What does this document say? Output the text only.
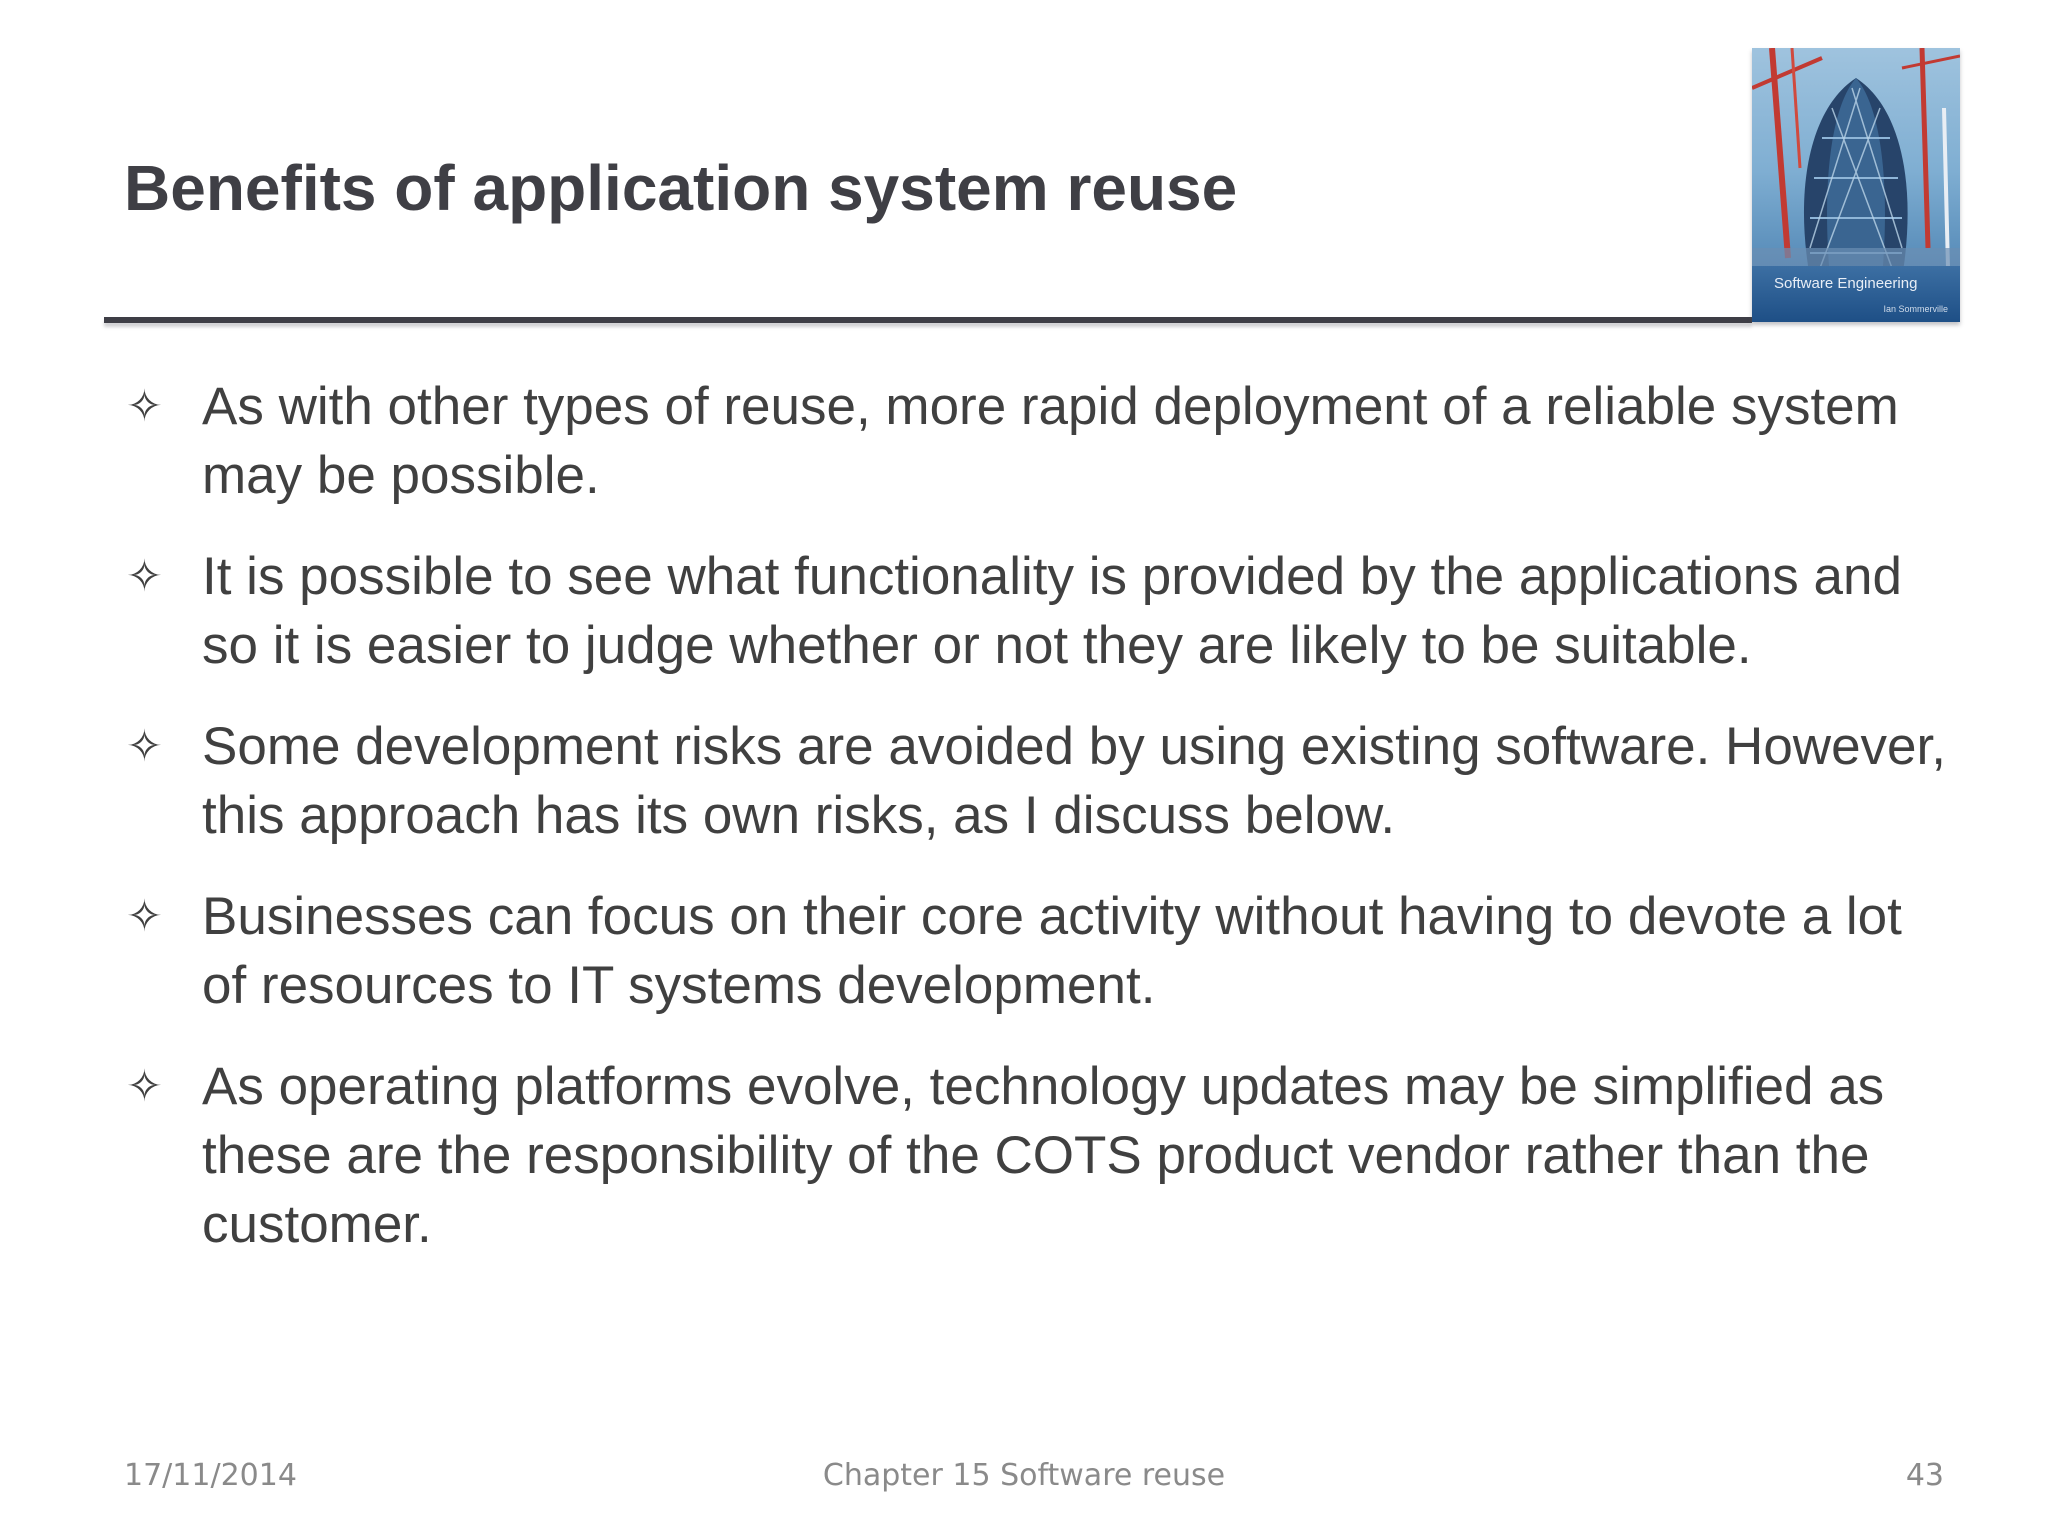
Benefits of application system reuse
Software Engineering
Ian Sommerville
✧ As with other types of reuse, more rapid deployment of a reliable system may be possible.
✧ It is possible to see what functionality is provided by the applications and so it is easier to judge whether or not they are likely to be suitable.
✧ Some development risks are avoided by using existing software. However, this approach has its own risks, as I discuss below.
✧ Businesses can focus on their core activity without having to devote a lot of resources to IT systems development.
✧ As operating platforms evolve, technology updates may be simplified as these are the responsibility of the COTS product vendor rather than the customer.
17/11/2014	Chapter 15 Software reuse	43
